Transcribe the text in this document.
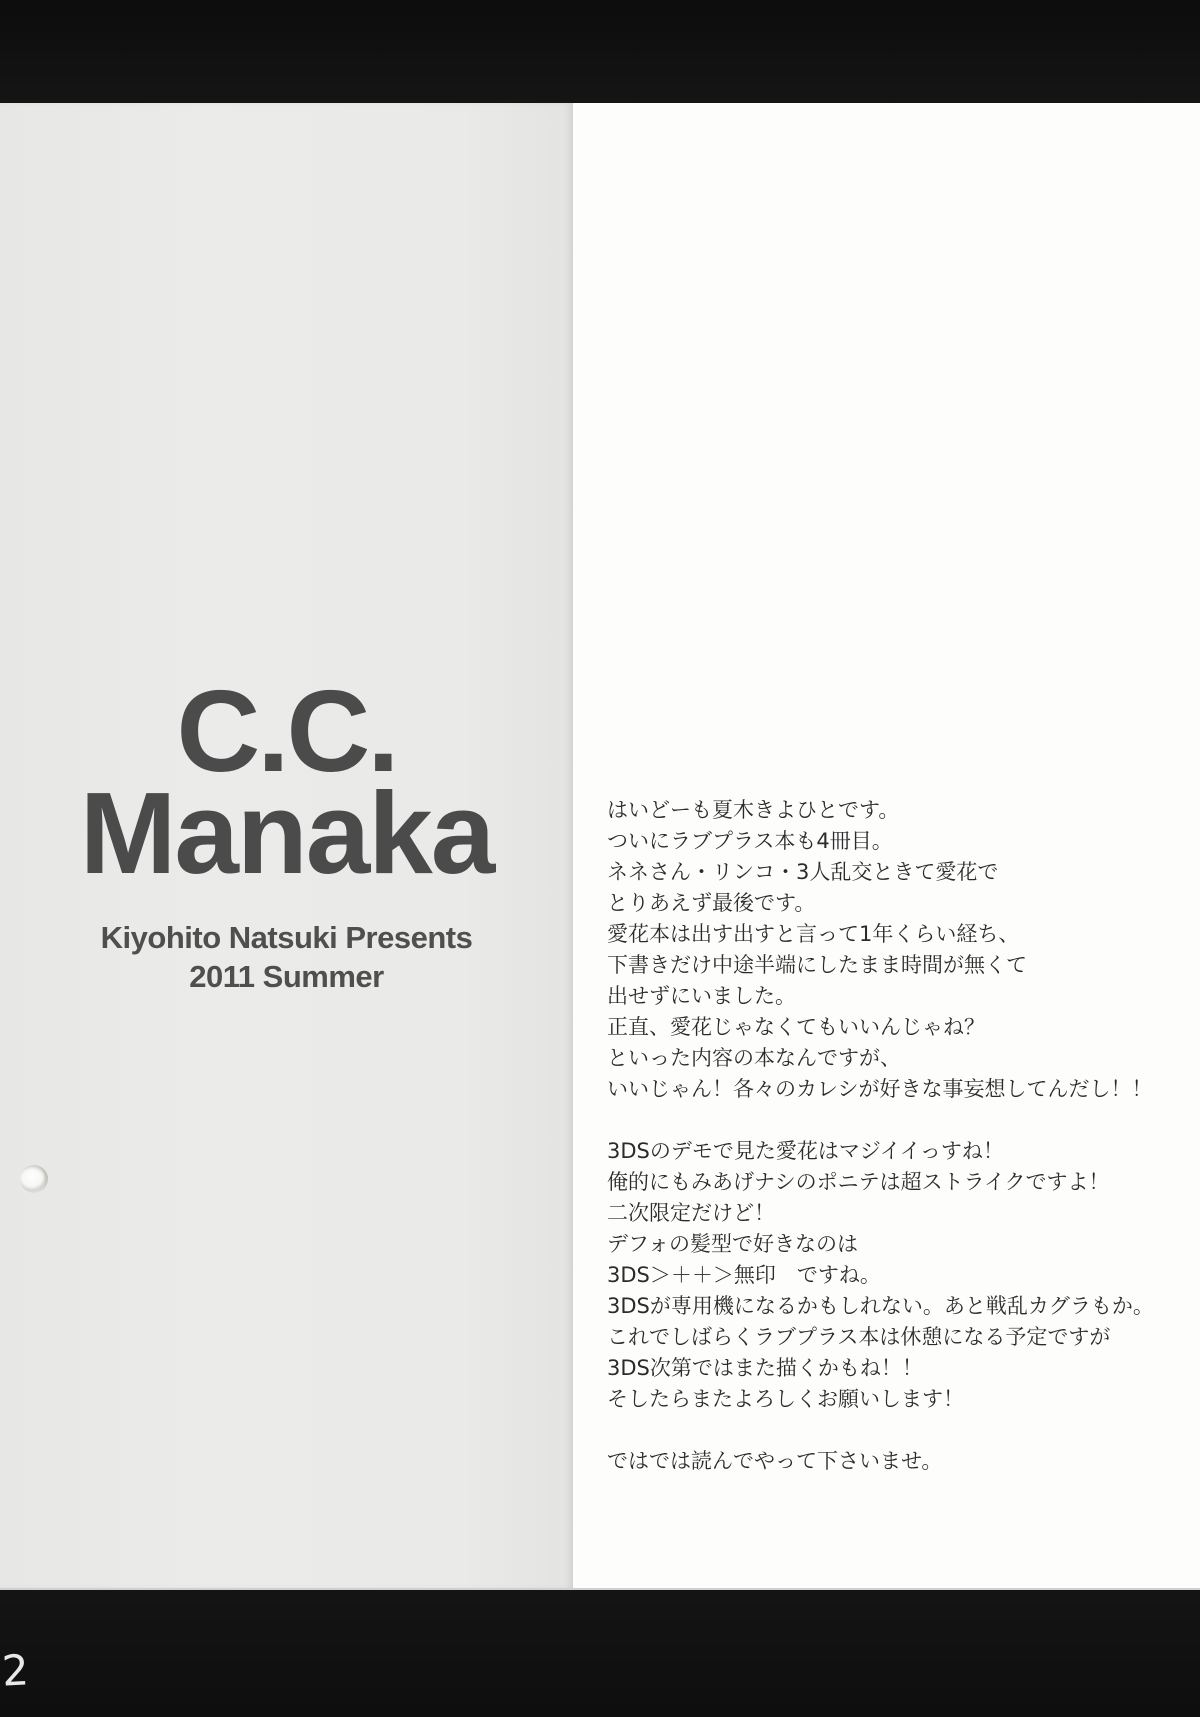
C.C.
Manaka
Kiyohito Natsuki Presents
2011 Summer
はいどーも夏木きよひとです。
ついにラブプラス本も4冊目。
ネネさん・リンコ・3人乱交ときて愛花で
とりあえず最後です。
愛花本は出す出すと言って1年くらい経ち、
下書きだけ中途半端にしたまま時間が無くて
出せずにいました。
正直、愛花じゃなくてもいいんじゃね？
といった内容の本なんですが、
いいじゃん！各々のカレシが好きな事妄想してんだし！！
3DSのデモで見た愛花はマジイイっすね！
俺的にもみあげナシのポニテは超ストライクですよ！
二次限定だけど！
デフォの髪型で好きなのは
3DS＞＋＋＞無印　ですね。
3DSが専用機になるかもしれない。あと戦乱カグラもか。
これでしばらくラブプラス本は休憩になる予定ですが
3DS次第ではまた描くかもね！！
そしたらまたよろしくお願いします！
ではでは読んでやって下さいませ。
2
